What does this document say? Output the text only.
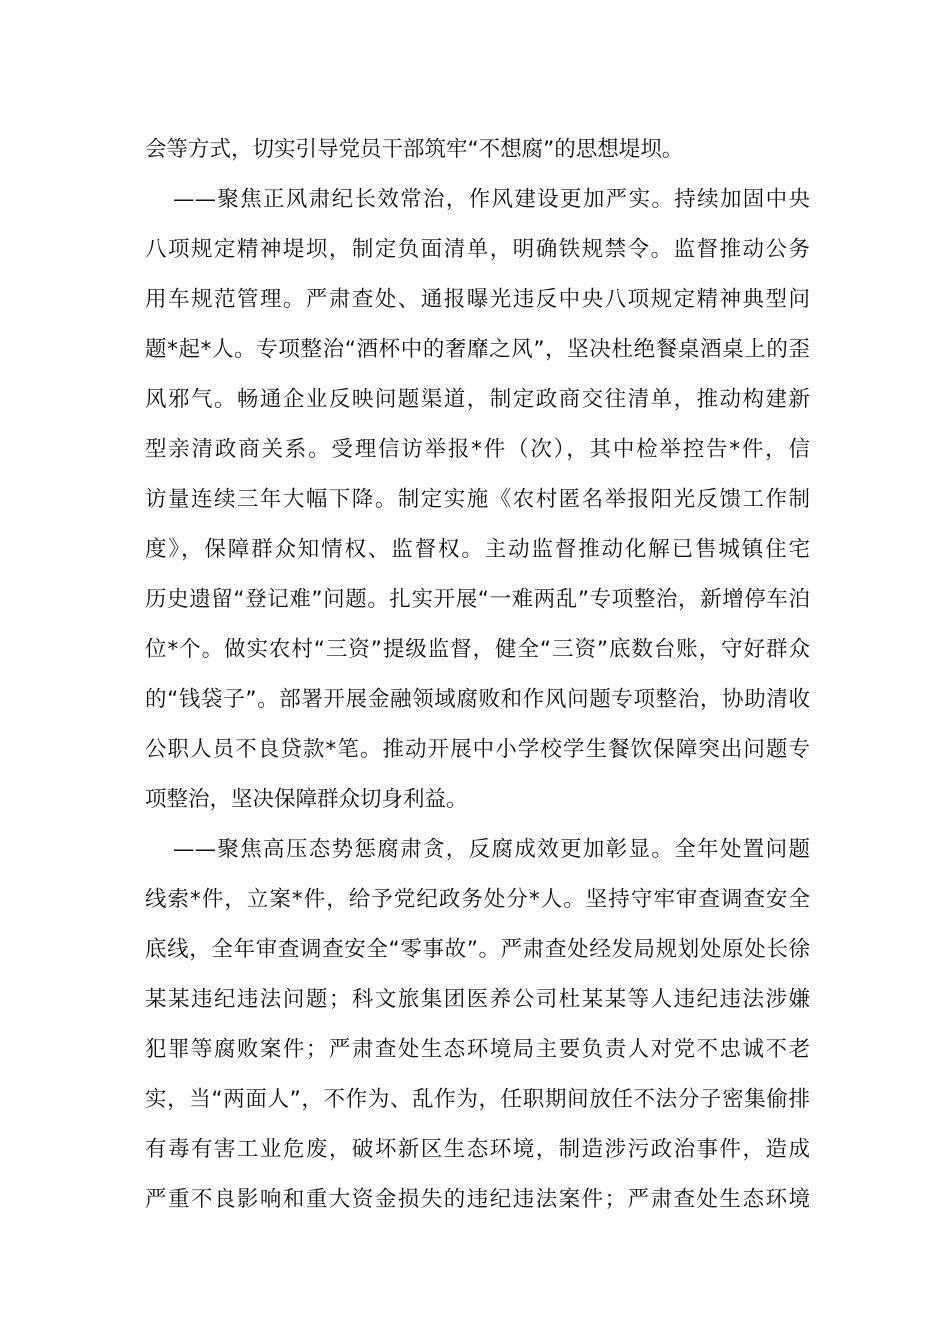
会等方式，切实引导党员干部筑牢“不想腐”的思想堤坝。
——聚焦正风肃纪长效常治，作风建设更加严实。持续加固中央
八项规定精神堤坝，制定负面清单，明确铁规禁令。监督推动公务
用车规范管理。严肃查处、通报曝光违反中央八项规定精神典型问
题*起*人。专项整治“酒杯中的奢靡之风”，坚决杜绝餐桌酒桌上的歪
风邪气。畅通企业反映问题渠道，制定政商交往清单，推动构建新
型亲清政商关系。受理信访举报*件（次），其中检举控告*件，信
访量连续三年大幅下降。制定实施《农村匿名举报阳光反馈工作制
度》，保障群众知情权、监督权。主动监督推动化解已售城镇住宅
历史遗留“登记难”问题。扎实开展“一难两乱”专项整治，新增停车泊
位*个。做实农村“三资”提级监督，健全“三资”底数台账，守好群众
的“钱袋子”。部署开展金融领域腐败和作风问题专项整治，协助清收
公职人员不良贷款*笔。推动开展中小学校学生餐饮保障突出问题专
项整治，坚决保障群众切身利益。
——聚焦高压态势惩腐肃贪，反腐成效更加彰显。全年处置问题
线索*件，立案*件，给予党纪政务处分*人。坚持守牢审查调查安全
底线，全年审查调查安全“零事故”。严肃查处经发局规划处原处长徐
某某违纪违法问题；科文旅集团医养公司杜某某等人违纪违法涉嫌
犯罪等腐败案件；严肃查处生态环境局主要负责人对党不忠诚不老
实，当“两面人”，不作为、乱作为，任职期间放任不法分子密集偷排
有毒有害工业危废，破坏新区生态环境，制造涉污政治事件，造成
严重不良影响和重大资金损失的违纪违法案件；严肃查处生态环境
